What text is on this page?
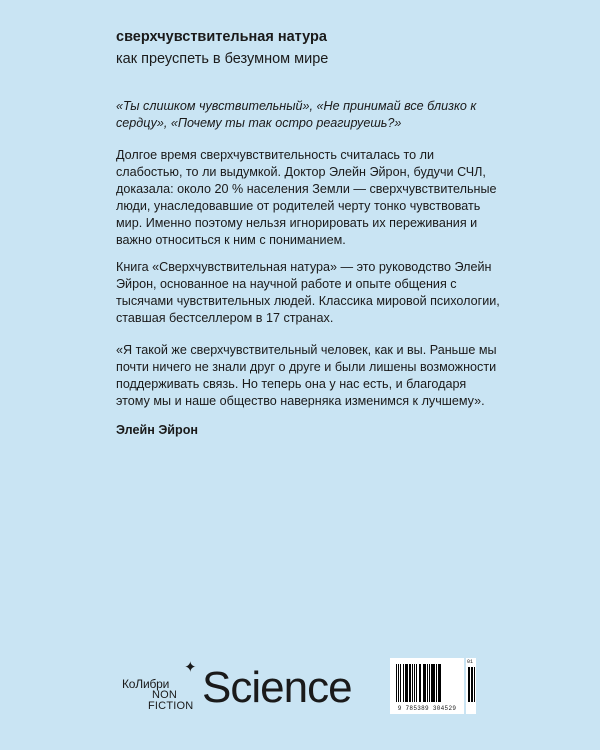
сверхчувствительная натура

как преуспеть в безумном мире

«Ты слишком чувствительный», «Не принимай все близко к сердцу», «Почему ты так остро реагируешь?»

Долгое время сверхчувствительность считалась то ли слабостью, то ли выдумкой. Доктор Элейн Эйрон, будучи СЧЛ, доказала: около 20 % населения Земли — сверхчувствительные люди, унаследовавшие от родителей черту тонко чувствовать мир. Именно поэтому нельзя игнорировать их переживания и важно относиться к ним с пониманием.

Книга «Сверхчувствительная натура» — это руководство Элейн Эйрон, основанное на научной работе и опыте общения с тысячами чувствительных людей. Классика мировой психологии, ставшая бестселлером в 17 странах.

«Я такой же сверхчувствительный человек, как и вы. Раньше мы почти ничего не знали друг о друге и были лишены возможности поддерживать связь. Но теперь она у нас есть, и благодаря этому мы и наше общество наверняка изменимся к лучшему».

Элейн Эйрон

✦
КоЛибри
NON
FICTION Science	9 785389 304529
01
